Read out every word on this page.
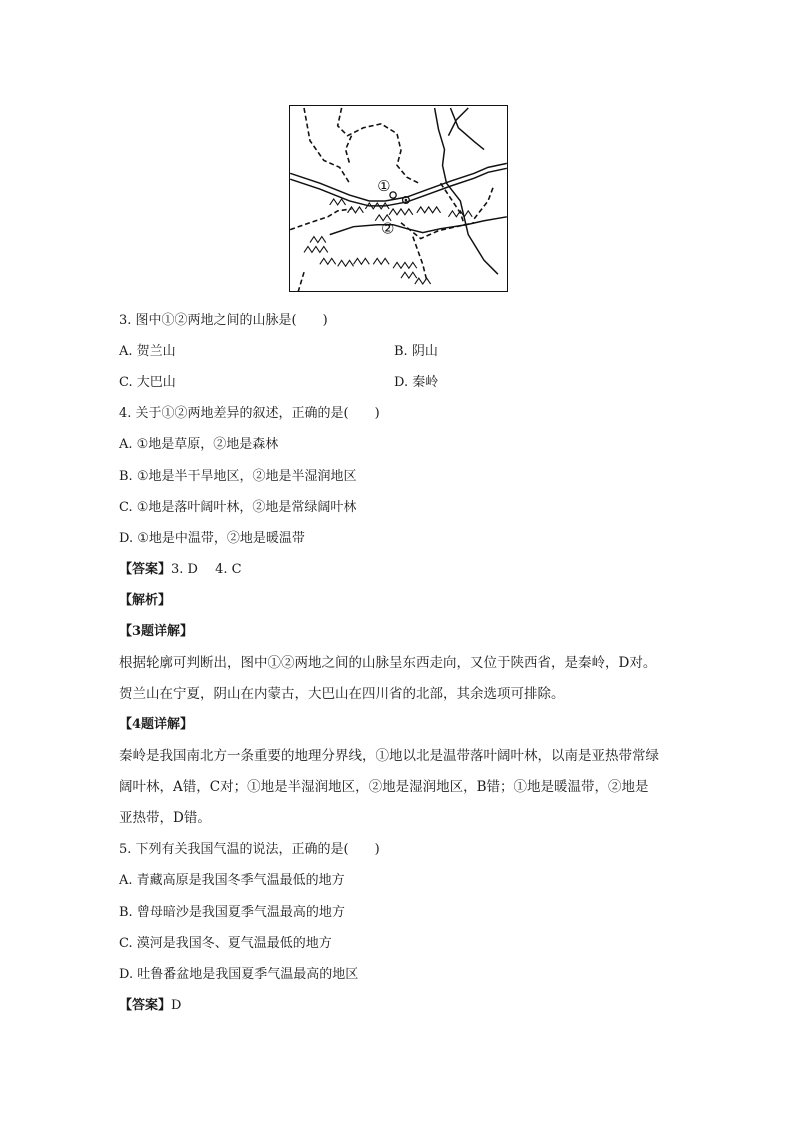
①
②
3. 图中①②两地之间的山脉是(　　)
A. 贺兰山	B. 阴山
C. 大巴山	D. 秦岭
4. 关于①②两地差异的叙述，正确的是(　　)
A. ①地是草原，②地是森林
B. ①地是半干旱地区，②地是半湿润地区
C. ①地是落叶阔叶林，②地是常绿阔叶林
D. ①地是中温带，②地是暖温带
【答案】3. D　 4. C
【解析】
【3题详解】
根据轮廓可判断出，图中①②两地之间的山脉呈东西走向，又位于陕西省，是秦岭，D对。
贺兰山在宁夏，阴山在内蒙古，大巴山在四川省的北部，其余选项可排除。
【4题详解】
秦岭是我国南北方一条重要的地理分界线，①地以北是温带落叶阔叶林，以南是亚热带常绿
阔叶林，A错，C对；①地是半湿润地区，②地是湿润地区，B错；①地是暖温带，②地是
亚热带，D错。
5. 下列有关我国气温的说法，正确的是(　　)
A. 青藏高原是我国冬季气温最低的地方
B. 曾母暗沙是我国夏季气温最高的地方
C. 漠河是我国冬、夏气温最低的地方
D. 吐鲁番盆地是我国夏季气温最高的地区
【答案】D
